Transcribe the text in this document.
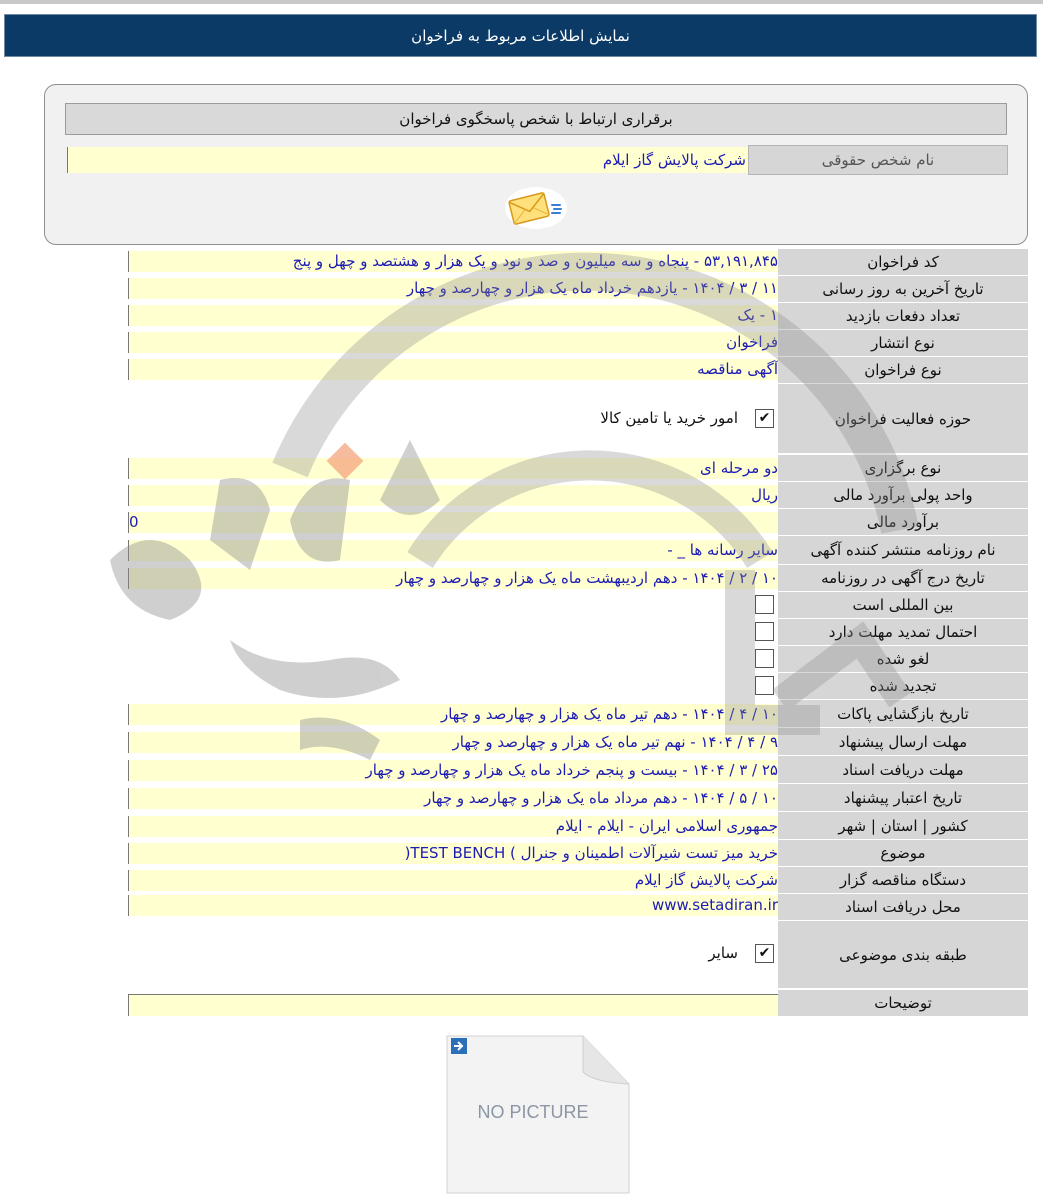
نمایش اطلاعات مربوط به فراخوان
برقراری ارتباط با شخص پاسخگوی فراخوان
نام شخص حقوقی
شرکت پالایش گاز ایلام
کد فراخوان
۵۳,۱۹۱,۸۴۵ - پنجاه و سه میلیون و صد و نود و یک هزار و هشتصد و چهل و پنج
تاریخ آخرین به روز رسانی
۱۱ / ۳ / ۱۴۰۴ - یازدهم خرداد ماه یک هزار و چهارصد و چهار
تعداد دفعات بازدید
۱ - یک
نوع انتشار
فراخوان
نوع فراخوان
آگهی مناقصه
حوزه فعالیت فراخوان
✔
امور خرید یا تامین کالا
نوع برگزاری
دو مرحله ای
واحد پولی برآورد مالی
ریال
برآورد مالی
0
نام روزنامه منتشر کننده آگهی
سایر رسانه ها _ -
تاریخ درج آگهی در روزنامه
۱۰ / ۲ / ۱۴۰۴ - دهم اردیبهشت ماه یک هزار و چهارصد و چهار
بین المللی است
احتمال تمدید مهلت دارد
لغو شده
تجدید شده
تاریخ بازگشایی پاکات
۱۰ / ۴ / ۱۴۰۴ - دهم تیر ماه یک هزار و چهارصد و چهار
مهلت ارسال پیشنهاد
۹ / ۴ / ۱۴۰۴ - نهم تیر ماه یک هزار و چهارصد و چهار
مهلت دریافت اسناد
۲۵ / ۳ / ۱۴۰۴ - بیست و پنجم خرداد ماه یک هزار و چهارصد و چهار
تاریخ اعتبار پیشنهاد
۱۰ / ۵ / ۱۴۰۴ - دهم مرداد ماه یک هزار و چهارصد و چهار
کشور | استان | شهر
جمهوری اسلامی ایران - ایلام - ایلام
موضوع
خرید میز تست شیرآلات اطمینان و جنرال ) TEST BENCH(
دستگاه مناقصه گزار
شرکت پالایش گاز ایلام
محل دریافت اسناد
www.setadiran.ir
طبقه بندی موضوعی
✔
سایر
توضیحات
NO PICTURE
